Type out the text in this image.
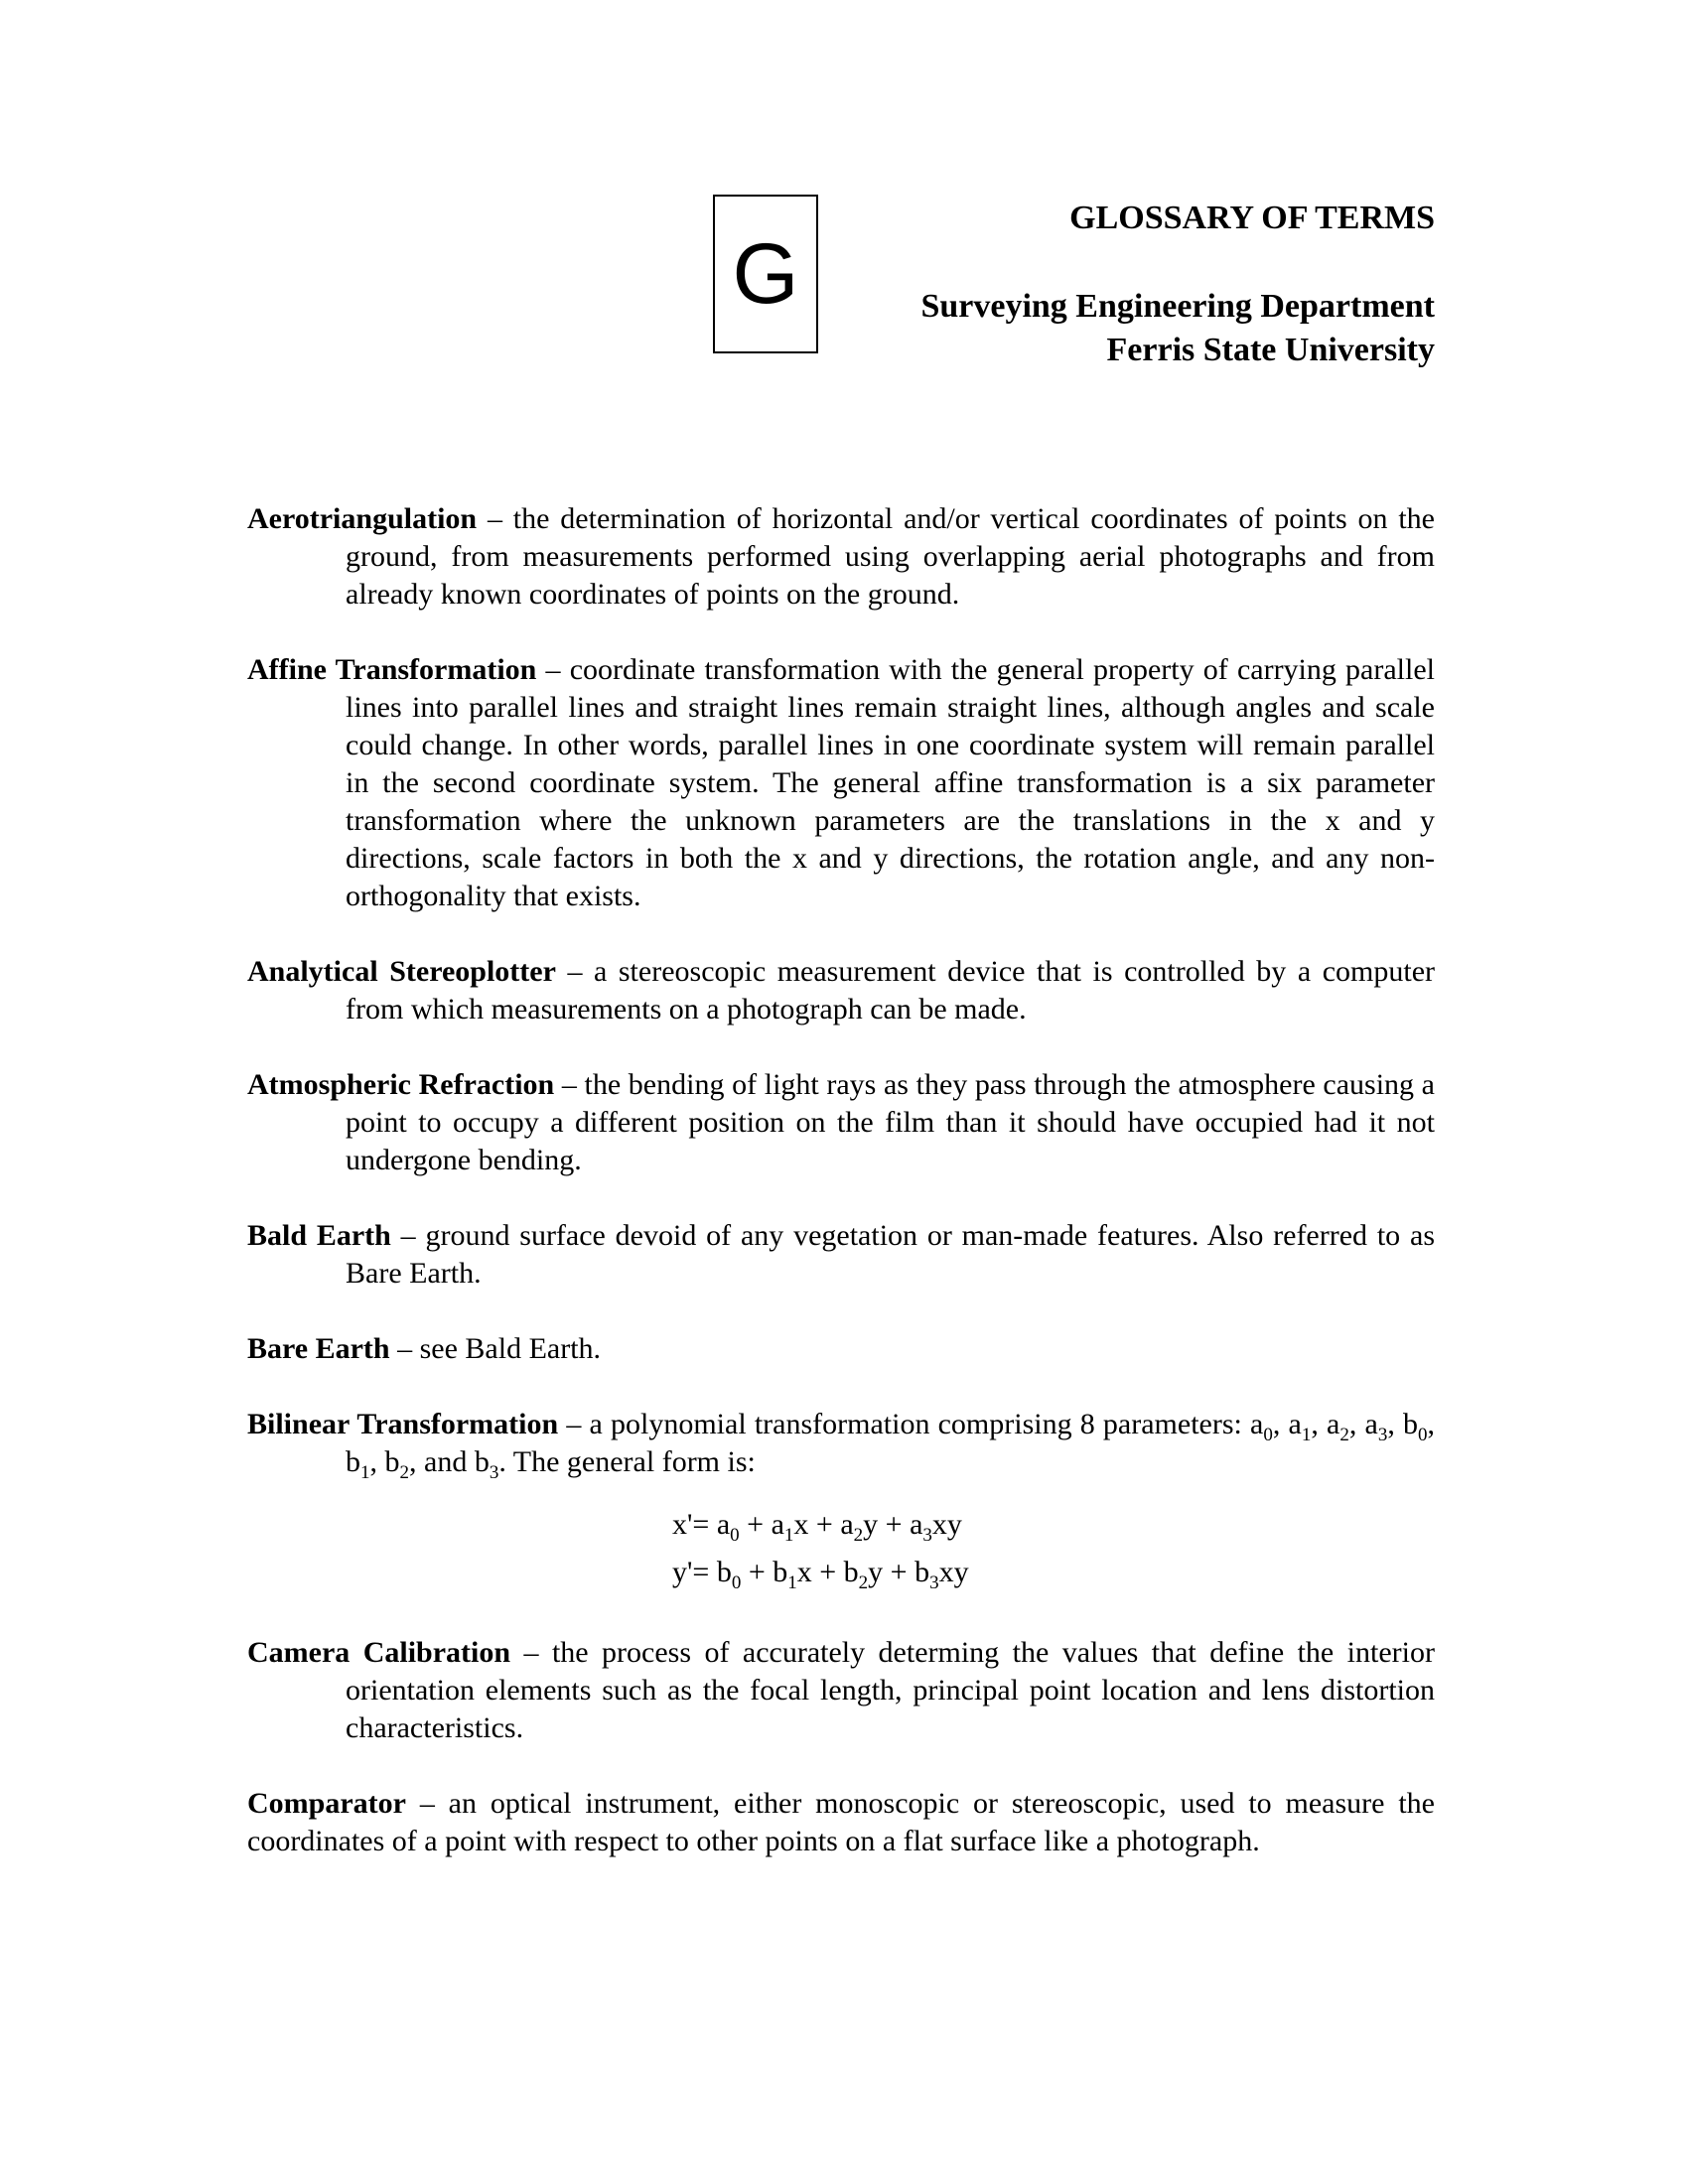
G
GLOSSARY OF TERMS
Surveying Engineering Department
Ferris State University

Aerotriangulation – the determination of horizontal and/or vertical coordinates of points on the ground, from measurements performed using overlapping aerial photographs and from already known coordinates of points on the ground.

Affine Transformation – coordinate transformation with the general property of carrying parallel lines into parallel lines and straight lines remain straight lines, although angles and scale could change. In other words, parallel lines in one coordinate system will remain parallel in the second coordinate system. The general affine transformation is a six parameter transformation where the unknown parameters are the translations in the x and y directions, scale factors in both the x and y directions, the rotation angle, and any non-orthogonality that exists.

Analytical Stereoplotter – a stereoscopic measurement device that is controlled by a computer from which measurements on a photograph can be made.

Atmospheric Refraction – the bending of light rays as they pass through the atmosphere causing a point to occupy a different position on the film than it should have occupied had it not undergone bending.

Bald Earth – ground surface devoid of any vegetation or man-made features. Also referred to as Bare Earth.

Bare Earth – see Bald Earth.

Bilinear Transformation – a polynomial transformation comprising 8 parameters: $a_0$, $a_1$, $a_2$, $a_3$, $b_0$, $b_1$, $b_2$, and $b_3$. The general form is:

$x'= a_0 + a_1x + a_2y + a_3xy$
$y'= b_0 + b_1x + b_2y + b_3xy$

Camera Calibration – the process of accurately determing the values that define the interior orientation elements such as the focal length, principal point location and lens distortion characteristics.

Comparator – an optical instrument, either monoscopic or stereoscopic, used to measure the coordinates of a point with respect to other points on a flat surface like a photograph.
